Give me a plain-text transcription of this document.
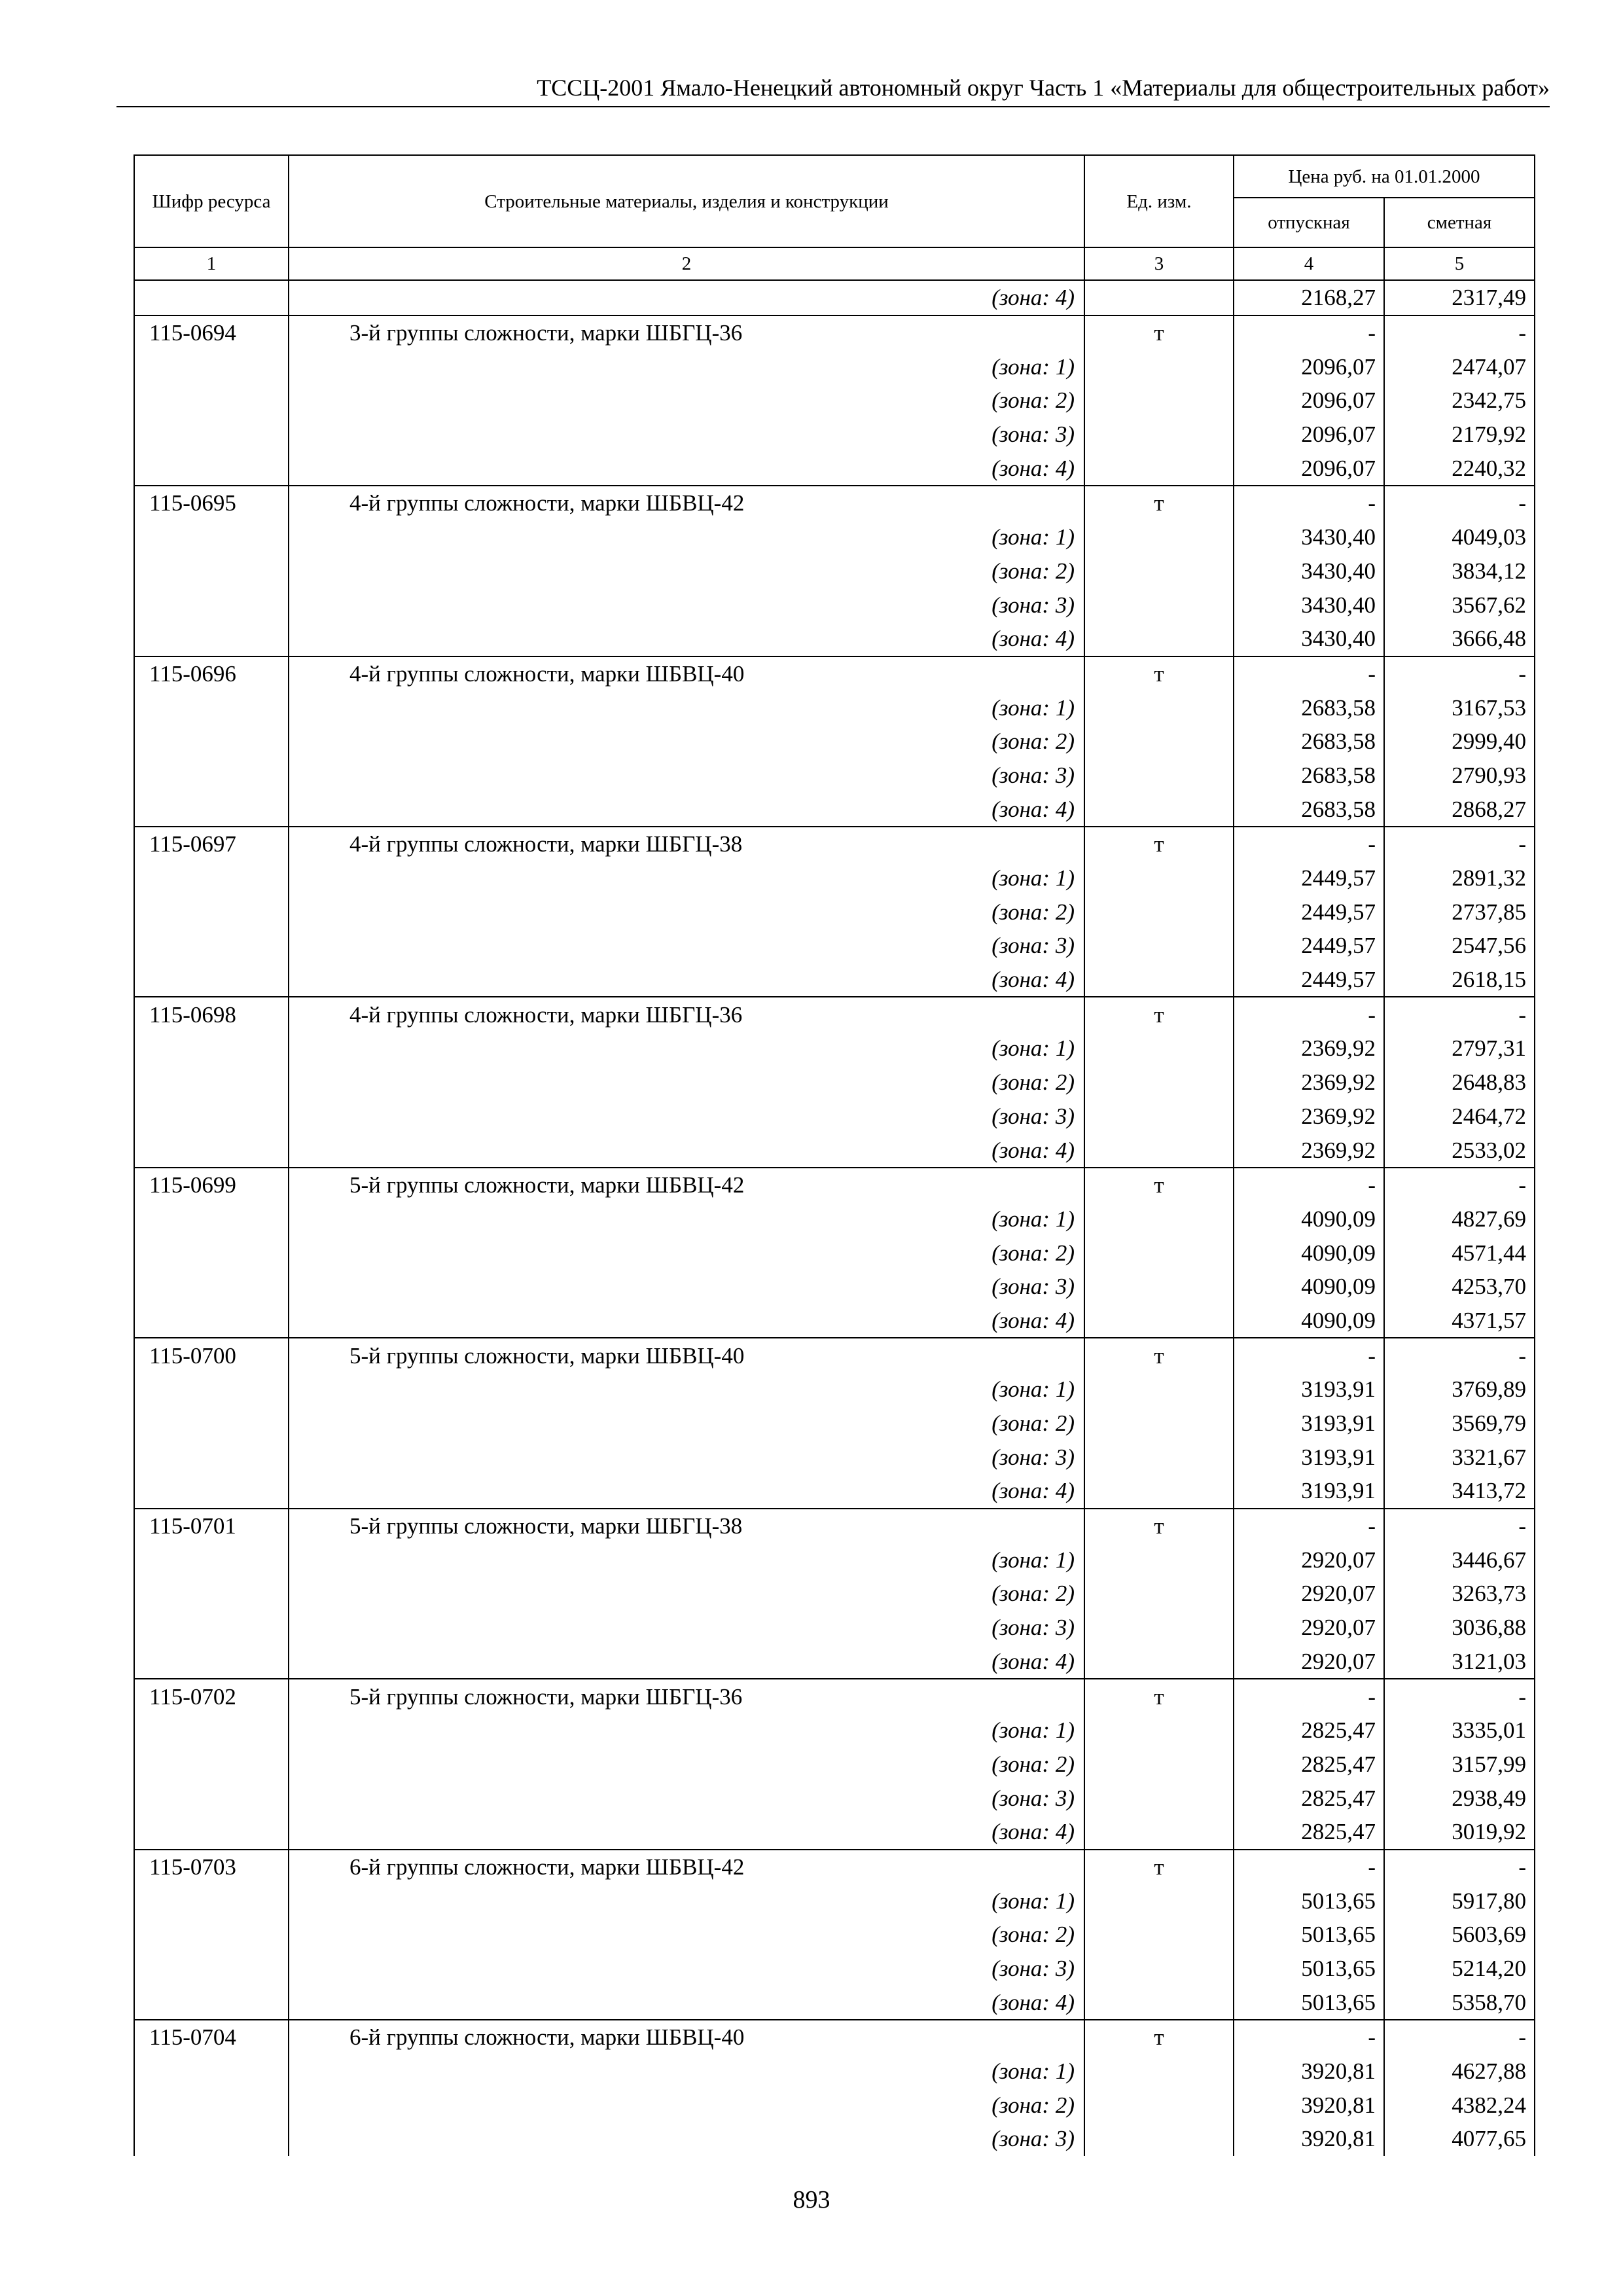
ТССЦ-2001 Ямало-Ненецкий автономный округ Часть 1 «Материалы для общестроительных работ»
Шифр ресурса	Строительные материалы, изделия и конструкции	Ед. изм.	Цена руб. на 01.01.2000	
			отпускная	сметная
1	2	3	4	5
	(зона: 4)		2168,27	2317,49
115-0694	3-й группы сложности, марки ШБГЦ-36	т	-	-
	(зона: 1)		2096,07	2474,07
	(зона: 2)		2096,07	2342,75
	(зона: 3)		2096,07	2179,92
	(зона: 4)		2096,07	2240,32
115-0695	4-й группы сложности, марки ШБВЦ-42	т	-	-
	(зона: 1)		3430,40	4049,03
	(зона: 2)		3430,40	3834,12
	(зона: 3)		3430,40	3567,62
	(зона: 4)		3430,40	3666,48
115-0696	4-й группы сложности, марки ШБВЦ-40	т	-	-
	(зона: 1)		2683,58	3167,53
	(зона: 2)		2683,58	2999,40
	(зона: 3)		2683,58	2790,93
	(зона: 4)		2683,58	2868,27
115-0697	4-й группы сложности, марки ШБГЦ-38	т	-	-
	(зона: 1)		2449,57	2891,32
	(зона: 2)		2449,57	2737,85
	(зона: 3)		2449,57	2547,56
	(зона: 4)		2449,57	2618,15
115-0698	4-й группы сложности, марки ШБГЦ-36	т	-	-
	(зона: 1)		2369,92	2797,31
	(зона: 2)		2369,92	2648,83
	(зона: 3)		2369,92	2464,72
	(зона: 4)		2369,92	2533,02
115-0699	5-й группы сложности, марки ШБВЦ-42	т	-	-
	(зона: 1)		4090,09	4827,69
	(зона: 2)		4090,09	4571,44
	(зона: 3)		4090,09	4253,70
	(зона: 4)		4090,09	4371,57
115-0700	5-й группы сложности, марки ШБВЦ-40	т	-	-
	(зона: 1)		3193,91	3769,89
	(зона: 2)		3193,91	3569,79
	(зона: 3)		3193,91	3321,67
	(зона: 4)		3193,91	3413,72
115-0701	5-й группы сложности, марки ШБГЦ-38	т	-	-
	(зона: 1)		2920,07	3446,67
	(зона: 2)		2920,07	3263,73
	(зона: 3)		2920,07	3036,88
	(зона: 4)		2920,07	3121,03
115-0702	5-й группы сложности, марки ШБГЦ-36	т	-	-
	(зона: 1)		2825,47	3335,01
	(зона: 2)		2825,47	3157,99
	(зона: 3)		2825,47	2938,49
	(зона: 4)		2825,47	3019,92
115-0703	6-й группы сложности, марки ШБВЦ-42	т	-	-
	(зона: 1)		5013,65	5917,80
	(зона: 2)		5013,65	5603,69
	(зона: 3)		5013,65	5214,20
	(зона: 4)		5013,65	5358,70
115-0704	6-й группы сложности, марки ШБВЦ-40	т	-	-
	(зона: 1)		3920,81	4627,88
	(зона: 2)		3920,81	4382,24
	(зона: 3)		3920,81	4077,65
893
